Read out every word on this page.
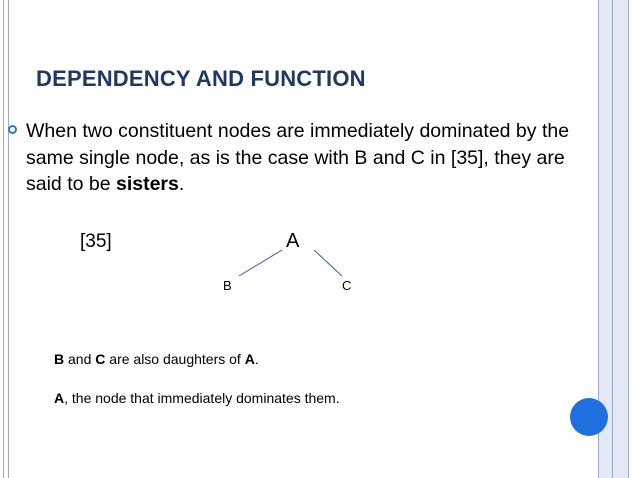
DEPENDENCY AND FUNCTION
When two constituent nodes are immediately dominated by the same single node, as is the case with B and C in [35], they are said to be sisters.
[35]	A
B	C
B and C are also daughters of A.
A, the node that immediately dominates them.
